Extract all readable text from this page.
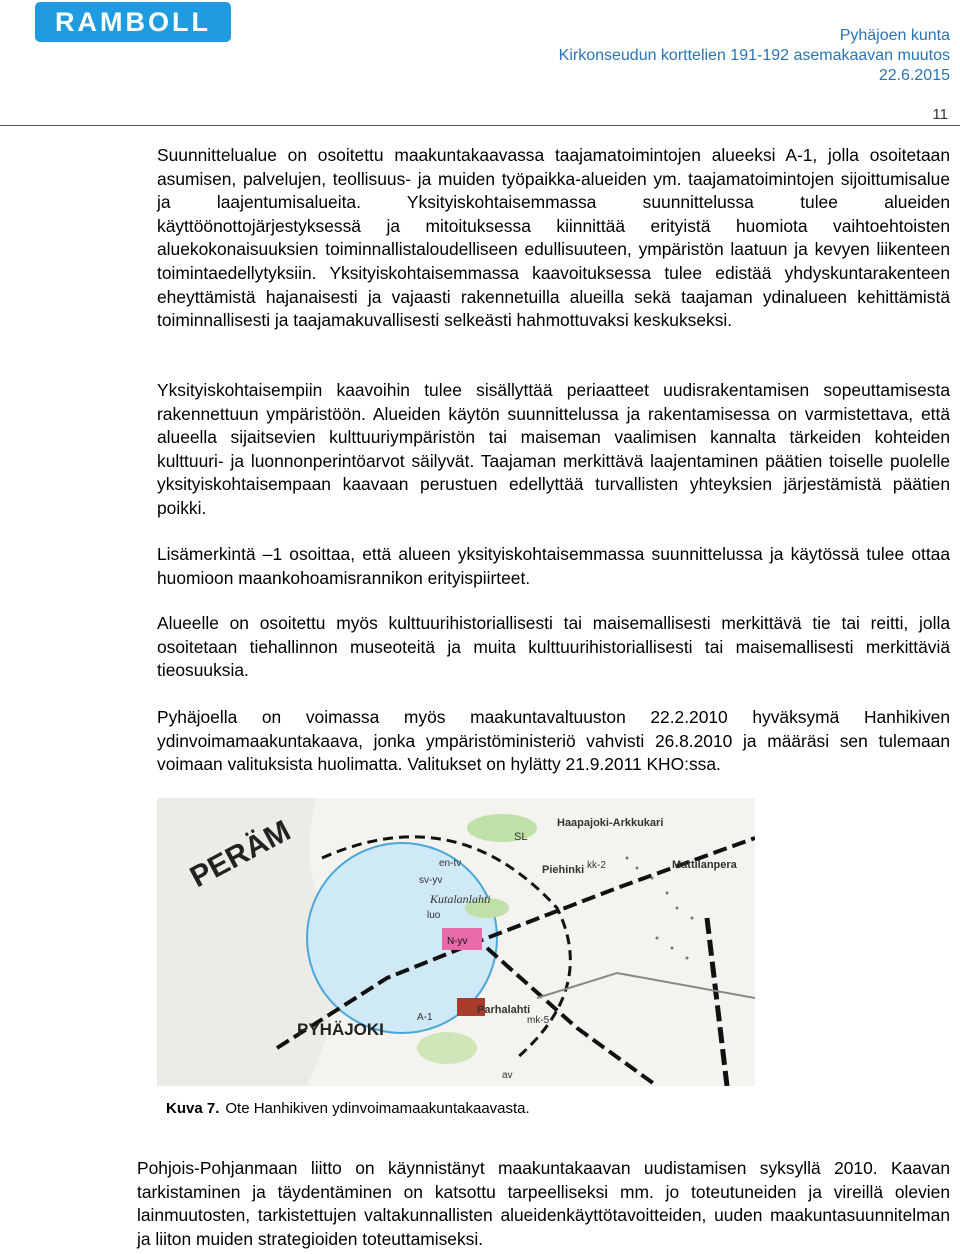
RAMBOLL	Pyhäjoen kunta
Kirkonseudun korttelien 191-192 asemakaavan muutos
22.6.2015
11
Suunnittelualue on osoitettu maakuntakaavassa taajamatoimintojen alueeksi A-1, jolla osoitetaan asumisen, palvelujen, teollisuus- ja muiden työpaikka-alueiden ym. taajamatoimintojen sijoittumisalue ja laajentumisalueita. Yksityiskohtaisemmassa suunnittelussa tulee alueiden käyttöönottojärjestyksessä ja mitoituksessa kiinnittää erityistä huomiota vaihtoehtoisten aluekokonaisuuksien toiminnallistaloudelliseen edullisuuteen, ympäristön laatuun ja kevyen liikenteen toimintaedellytyksiin. Yksityiskohtaisemmassa kaavoituksessa tulee edistää yhdyskuntarakenteen eheyttämistä hajanaisesti ja vajaasti rakennetuilla alueilla sekä taajaman ydinalueen kehittämistä toiminnallisesti ja taajamakuvallisesti selkeästi hahmottuvaksi keskukseksi.
Yksityiskohtaisempiin kaavoihin tulee sisällyttää periaatteet uudisrakentamisen sopeuttamisesta rakennettuun ympäristöön. Alueiden käytön suunnittelussa ja rakentamisessa on varmistettava, että alueella sijaitsevien kulttuuriympäristön tai maiseman vaalimisen kannalta tärkeiden kohteiden kulttuuri- ja luonnonperintöarvot säilyvät. Taajaman merkittävä laajentaminen päätien toiselle puolelle yksityiskohtaisempaan kaavaan perustuen edellyttää turvallisten yhteyksien järjestämistä päätien poikki.
Lisämerkintä –1 osoittaa, että alueen yksityiskohtaisemmassa suunnittelussa ja käytössä tulee ottaa huomioon maankohoamisrannikon erityispiirteet.
Alueelle on osoitettu myös kulttuurihistoriallisesti tai maisemallisesti merkittävä tie tai reitti, jolla osoitetaan tiehallinnon museoteitä ja muita kulttuurihistoriallisesti tai maisemallisesti merkittäviä tieosuuksia.
Pyhäjoella on voimassa myös maakuntavaltuuston 22.2.2010 hyväksymä Hanhikiven ydinvoimamaakuntakaava, jonka ympäristöministeriö vahvisti 26.8.2010 ja määräsi sen tulemaan voimaan valituksista huolimatta. Valitukset on hylätty 21.9.2011 KHO:ssa.
PERÄM
PYHÄJOKI
Kutalanlahti
Haapajoki-Arkkukari
Mattilanpera
Piehinki
Parhalahti
SL
en-tv
sv-yv
kk-2
mk-5
luo
N-yv
A-1
av
Kuva 7. Ote Hanhikiven ydinvoimamaakuntakaavasta.
Pohjois-Pohjanmaan liitto on käynnistänyt maakuntakaavan uudistamisen syksyllä 2010. Kaavan tarkistaminen ja täydentäminen on katsottu tarpeelliseksi mm. jo toteutuneiden ja vireillä olevien lainmuutosten, tarkistettujen valtakunnallisten alueidenkäyttötavoitteiden, uuden maakuntasuunnitelman ja liiton muiden strategioiden toteuttamiseksi.
